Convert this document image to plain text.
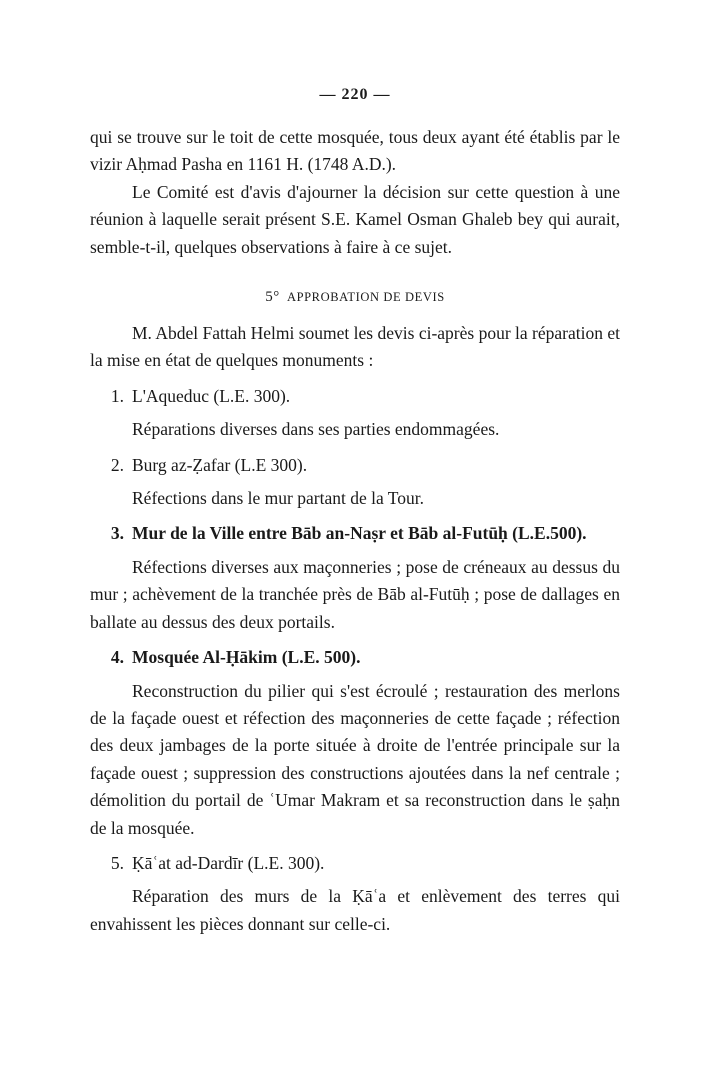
— 220 —

qui se trouve sur le toit de cette mosquée, tous deux ayant été établis par le vizir Aḥmad Pasha en 1161 H. (1748 A.D.).

Le Comité est d'avis d'ajourner la décision sur cette question à une réunion à laquelle serait présent S.E. Kamel Osman Ghaleb bey qui aurait, semble-t-il, quelques observations à faire à ce sujet.

5° APPROBATION DE DEVIS

M. Abdel Fattah Helmi soumet les devis ci-après pour la réparation et la mise en état de quelques monuments :

1. L'Aqueduc (L.E. 300).

Réparations diverses dans ses parties endommagées.

2. Burg az-Ẓafar (L.E 300).

Réfections dans le mur partant de la Tour.

3. Mur de la Ville entre Bāb an-Naṣr et Bāb al-Futūḥ (L.E.500).

Réfections diverses aux maçonneries ; pose de créneaux au dessus du mur ; achèvement de la tranchée près de Bāb al-Futūḥ ; pose de dallages en ballate au dessus des deux portails.

4. Mosquée Al-Ḥākim (L.E. 500).

Reconstruction du pilier qui s'est écroulé ; restauration des merlons de la façade ouest et réfection des maçonneries de cette façade ; réfection des deux jambages de la porte située à droite de l'entrée principale sur la façade ouest ; suppression des constructions ajoutées dans la nef centrale ; démolition du portail de ʿUmar Makram et sa reconstruction dans le ṣaḥn de la mosquée.

5. Ḳāʿat ad-Dardīr (L.E. 300).

Réparation des murs de la Ḳāʿa et enlèvement des terres qui envahissent les pièces donnant sur celle-ci.
